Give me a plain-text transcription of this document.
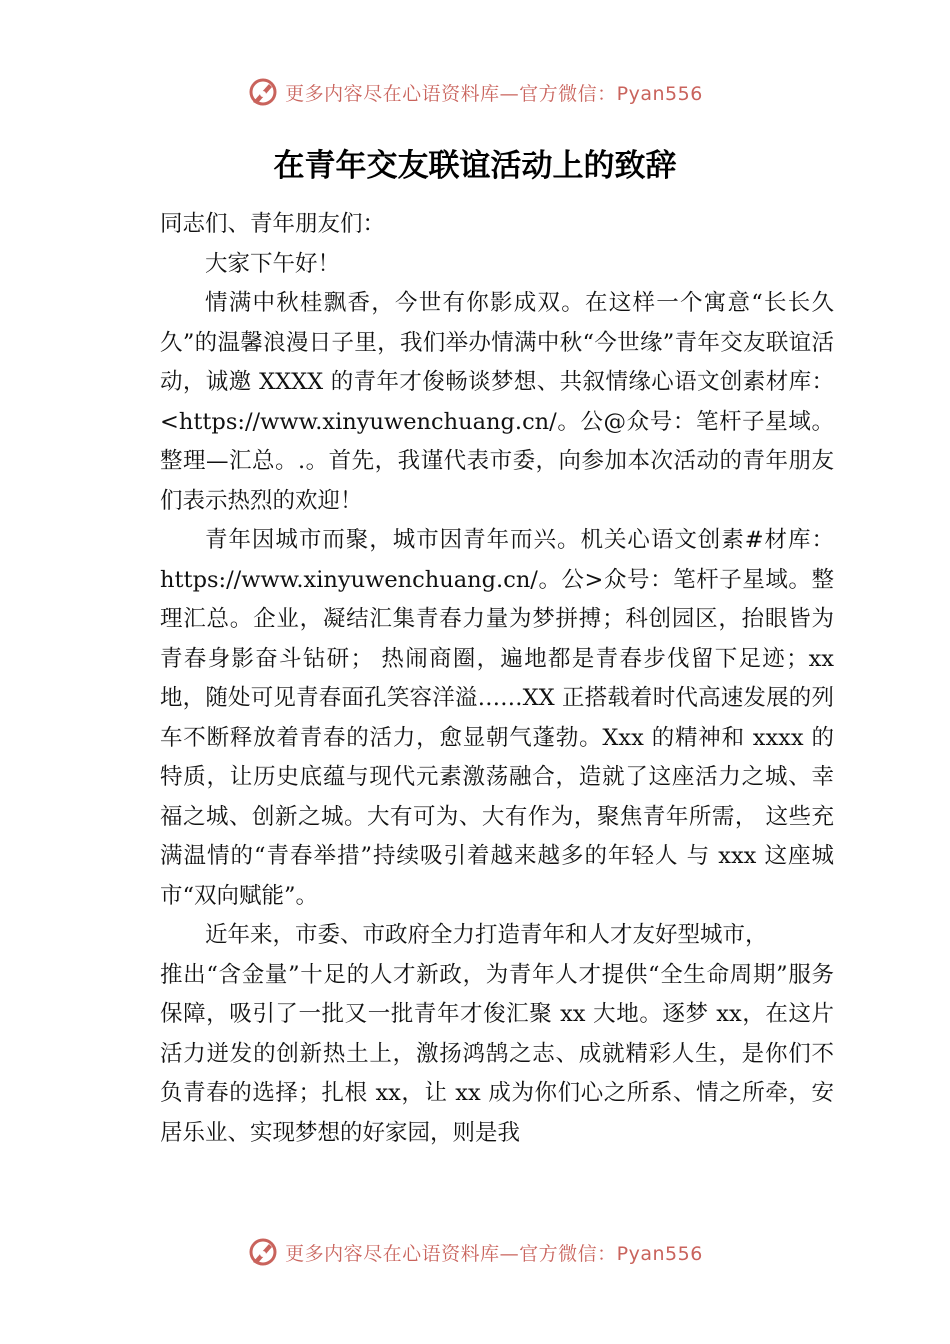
更多内容尽在心语资料库—官方微信：Pyan556
在青年交友联谊活动上的致辞

同志们、青年朋友们：

大家下午好！

情满中秋桂飘香，今世有你影成双。在这样一个寓意“长长久久”的温馨浪漫日子里，我们举办情满中秋“今世缘”青年交友联谊活动，诚邀 XXXX 的青年才俊畅谈梦想、共叙情缘心语文创素材库：<https://www.xinyuwenchuang.cn/。公@众号：笔杆子星域。整理—汇总。.。首先，我谨代表市委，向参加本次活动的青年朋友们表示热烈的欢迎！

青年因城市而聚，城市因青年而兴。机关心语文创素#材库：https://www.xinyuwenchuang.cn/。公>众号：笔杆子星域。整理汇总。企业，凝结汇集青春力量为梦拼搏；科创园区，抬眼皆为青春身影奋斗钻研； 热闹商圈，遍地都是青春步伐留下足迹；xx 地，随处可见青春面孔笑容洋溢……XX 正搭载着时代高速发展的列车不断释放着青春的活力，愈显朝气蓬勃。Xxx 的精神和 xxxx 的特质，让历史底蕴与现代元素激荡融合，造就了这座活力之城、幸福之城、创新之城。大有可为、大有作为，聚焦青年所需， 这些充满温情的“青春举措”持续吸引着越来越多的年轻人 与 xxx 这座城市“双向赋能”。

近年来，市委、市政府全力打造青年和人才友好型城市，

推出“含金量”十足的人才新政，为青年人才提供“全生命周期”服务保障，吸引了一批又一批青年才俊汇聚 xx 大地。逐梦 xx，在这片活力迸发的创新热土上，激扬鸿鹄之志、成就精彩人生，是你们不负青春的选择；扎根 xx，让 xx 成为你们心之所系、情之所牵，安居乐业、实现梦想的好家园，则是我

更多内容尽在心语资料库—官方微信：Pyan556
